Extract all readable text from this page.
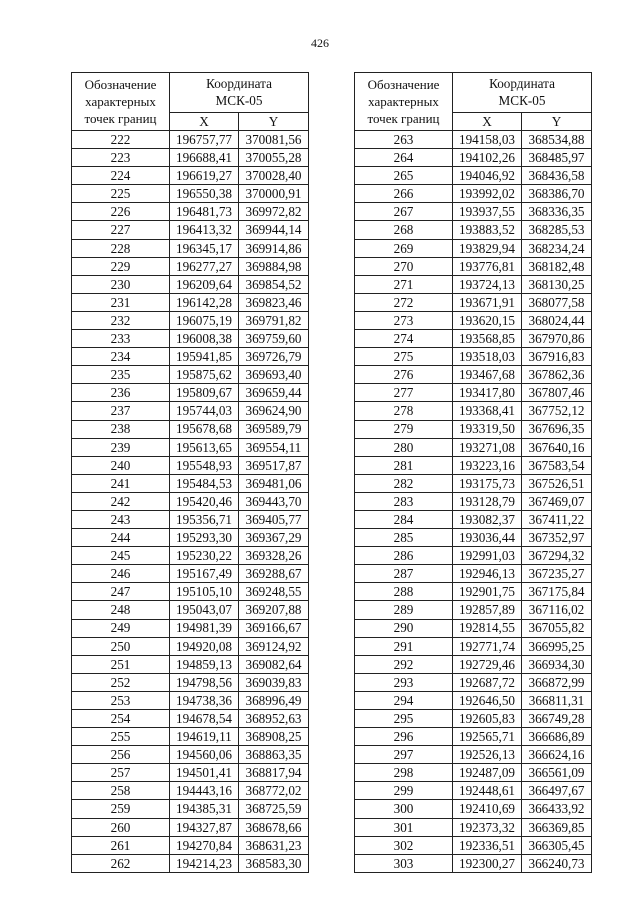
426
Обозначение
характерных
точек границ	Координата
МСК-05	

	X	Y
222	196757,77	370081,56
223	196688,41	370055,28
224	196619,27	370028,40
225	196550,38	370000,91
226	196481,73	369972,82
227	196413,32	369944,14
228	196345,17	369914,86
229	196277,27	369884,98
230	196209,64	369854,52
231	196142,28	369823,46
232	196075,19	369791,82
233	196008,38	369759,60
234	195941,85	369726,79
235	195875,62	369693,40
236	195809,67	369659,44
237	195744,03	369624,90
238	195678,68	369589,79
239	195613,65	369554,11
240	195548,93	369517,87
241	195484,53	369481,06
242	195420,46	369443,70
243	195356,71	369405,77
244	195293,30	369367,29
245	195230,22	369328,26
246	195167,49	369288,67
247	195105,10	369248,55
248	195043,07	369207,88
249	194981,39	369166,67
250	194920,08	369124,92
251	194859,13	369082,64
252	194798,56	369039,83
253	194738,36	368996,49
254	194678,54	368952,63
255	194619,11	368908,25
256	194560,06	368863,35
257	194501,41	368817,94
258	194443,16	368772,02
259	194385,31	368725,59
260	194327,87	368678,66
261	194270,84	368631,23
262	194214,23	368583,30
Обозначение
характерных
точек границ	Координата
МСК-05	

	X	Y
263	194158,03	368534,88
264	194102,26	368485,97
265	194046,92	368436,58
266	193992,02	368386,70
267	193937,55	368336,35
268	193883,52	368285,53
269	193829,94	368234,24
270	193776,81	368182,48
271	193724,13	368130,25
272	193671,91	368077,58
273	193620,15	368024,44
274	193568,85	367970,86
275	193518,03	367916,83
276	193467,68	367862,36
277	193417,80	367807,46
278	193368,41	367752,12
279	193319,50	367696,35
280	193271,08	367640,16
281	193223,16	367583,54
282	193175,73	367526,51
283	193128,79	367469,07
284	193082,37	367411,22
285	193036,44	367352,97
286	192991,03	367294,32
287	192946,13	367235,27
288	192901,75	367175,84
289	192857,89	367116,02
290	192814,55	367055,82
291	192771,74	366995,25
292	192729,46	366934,30
293	192687,72	366872,99
294	192646,50	366811,31
295	192605,83	366749,28
296	192565,71	366686,89
297	192526,13	366624,16
298	192487,09	366561,09
299	192448,61	366497,67
300	192410,69	366433,92
301	192373,32	366369,85
302	192336,51	366305,45
303	192300,27	366240,73
